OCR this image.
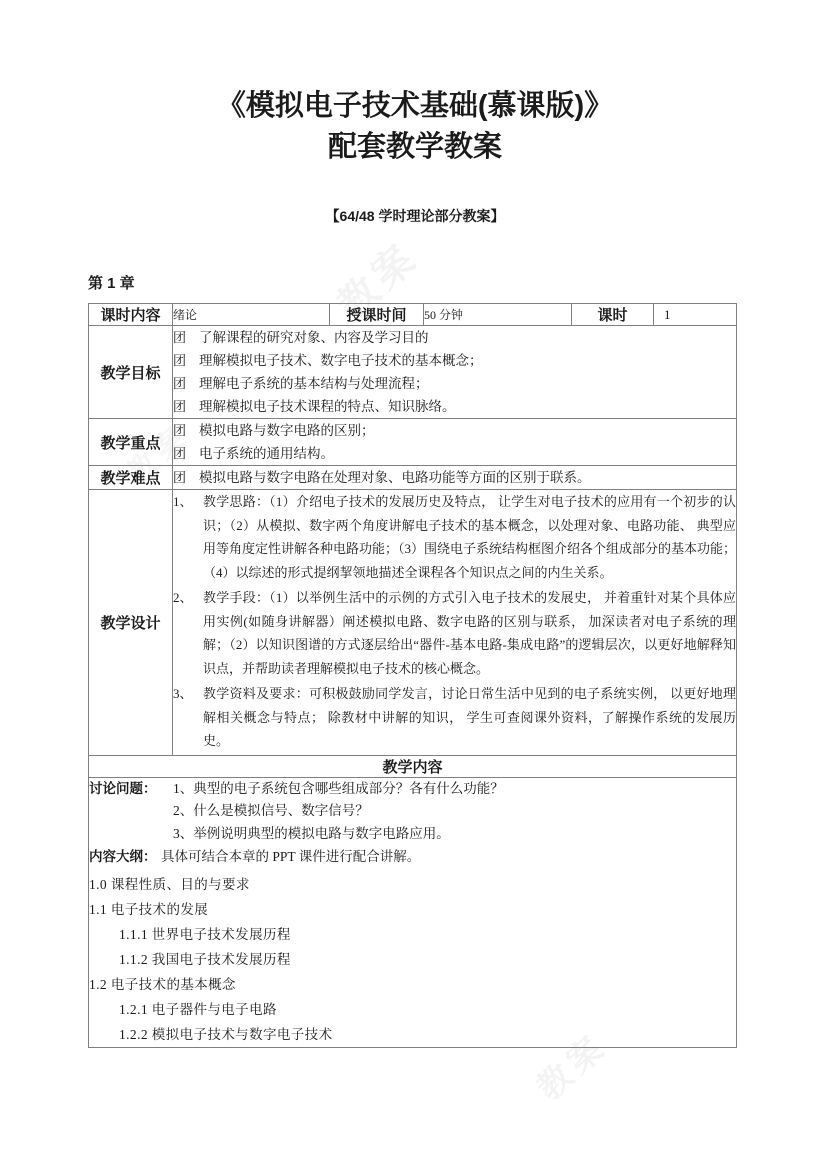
《模拟电子技术基础(慕课版)》
配套教学教案
【64/48 学时理论部分教案】
第 1 章
课时内容	绪论	授课时间	50 分钟	课时	1
教学目标	
团 了解课程的研究对象、内容及学习目的
团 理解模拟电子技术、数字电子技术的基本概念；
团 理解电子系统的基本结构与处理流程；
团 理解模拟电子技术课程的特点、知识脉络。

教学重点	团 模拟电路与数字电路的区别；
团 电子系统的通用结构。				

教学难点	团 模拟电路与数字电路在处理对象、电路功能等方面的区别于联系。				

教学设计	
1、 教学思路：（1）介绍电子技术的发展历史及特点， 让学生对电子技术的应用有一个初步的认识；（2）从模拟、数字两个角度讲解电子技术的基本概念，以处理对象、电路功能、 典型应用等角度定性讲解各种电路功能；（3）围绕电子系统结构框图介绍各个组成部分的基本功能；（4）以综述的形式提纲挈领地描述全课程各个知识点之间的内生关系。
2、 教学手段：（1）以举例生活中的示例的方式引入电子技术的发展史， 并着重针对某个具体应用实例(如随身讲解器）阐述模拟电路、数字电路的区别与联系， 加深读者对电子系统的理解；（2）以知识图谱的方式逐层给出“器件-基本电路-集成电路”的逻辑层次，以更好地解释知识点，并帮助读者理解模拟电子技术的核心概念。
3、 教学资料及要求：可积极鼓励同学发言，讨论日常生活中见到的电子系统实例， 以更好地理解相关概念与特点； 除教材中讲解的知识， 学生可查阅课外资料，了解操作系统的发展历史。

教学内容					

讨论问题：	1、典型的电子系统包含哪些组成部分？各有什么功能？
2、什么是模拟信号、数字信号？
3、举例说明典型的模拟电路与数字电路应用。
内容大纲： 具体可结合本章的 PPT 课件进行配合讲解。
1.0 课程性质、目的与要求
1.1 电子技术的发展
1.1.1 世界电子技术发展历程
1.1.2 我国电子技术发展历程
1.2 电子技术的基本概念
1.2.1 电子器件与电子电路
1.2.2 模拟电子技术与数字电子技术
